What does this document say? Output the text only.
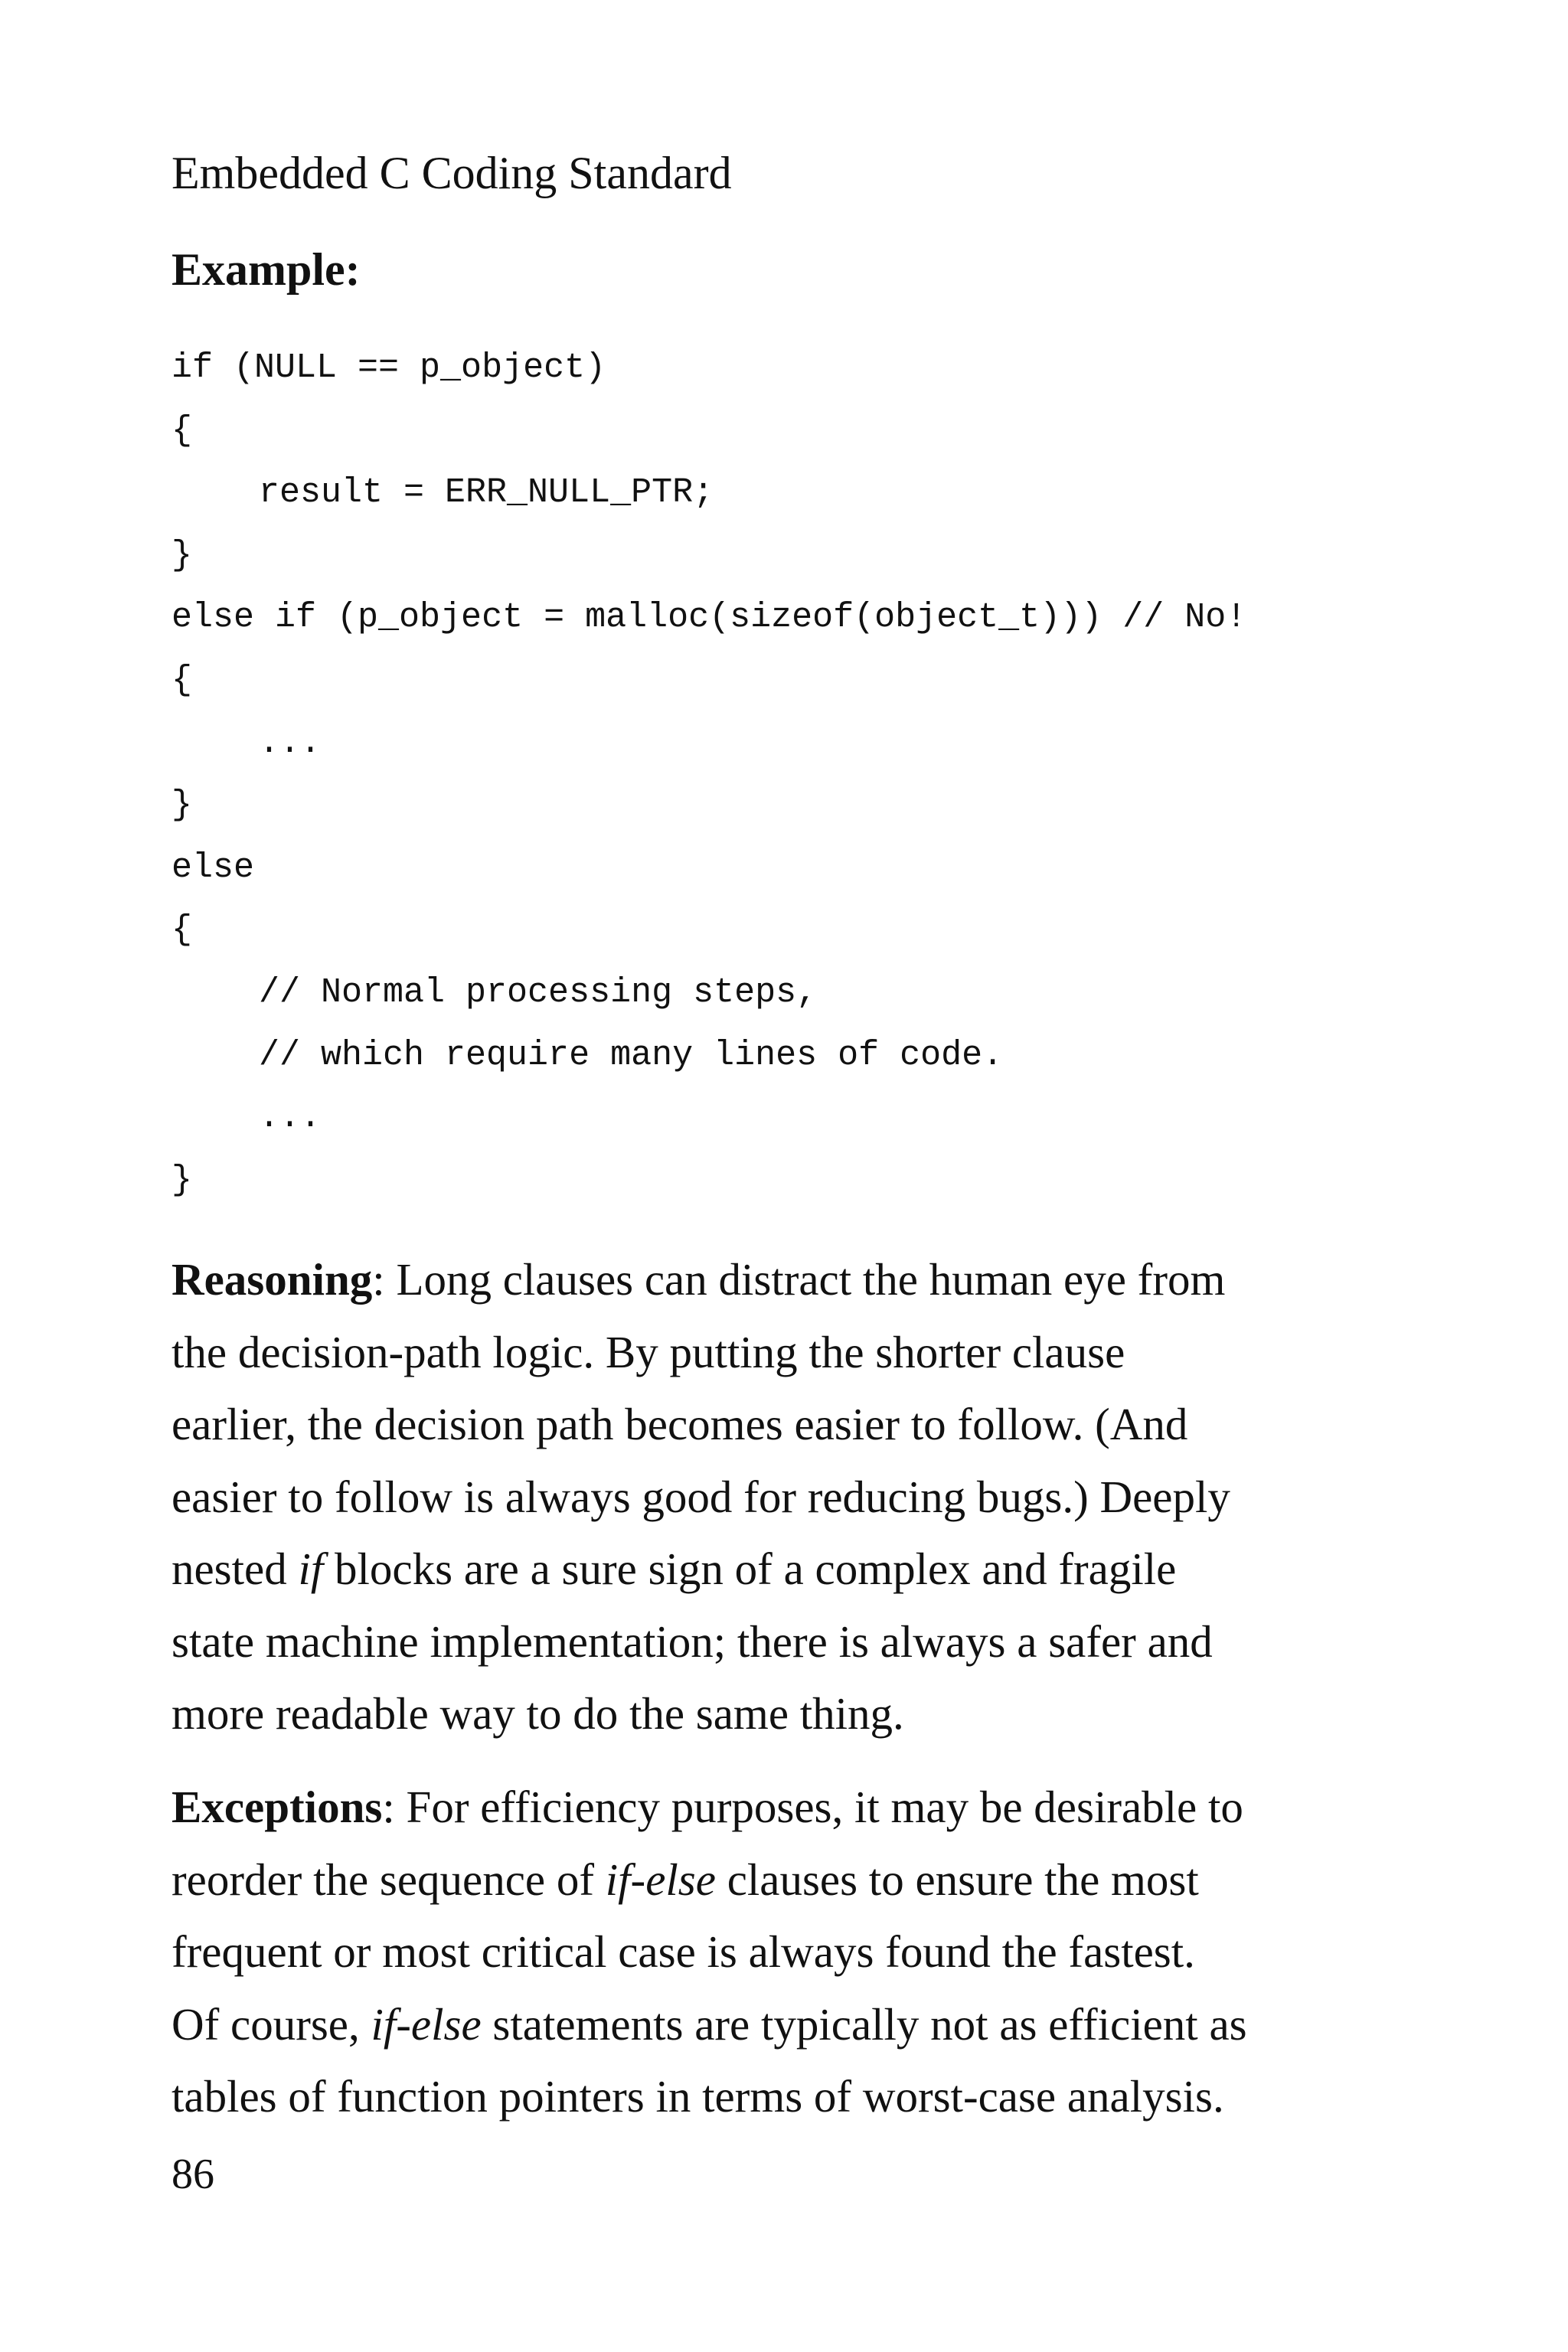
Embedded C Coding Standard
Example:
if (NULL == p_object)
{
result = ERR_NULL_PTR;
}
else if (p_object = malloc(sizeof(object_t))) // No!
{
...
}
else
{
// Normal processing steps,
// which require many lines of code.
...
}
Reasoning: Long clauses can distract the human eye from
the decision-path logic. By putting the shorter clause
earlier, the decision path becomes easier to follow. (And
easier to follow is always good for reducing bugs.) Deeply
nested if blocks are a sure sign of a complex and fragile
state machine implementation; there is always a safer and
more readable way to do the same thing.
Exceptions: For efficiency purposes, it may be desirable to
reorder the sequence of if-else clauses to ensure the most
frequent or most critical case is always found the fastest.
Of course, if-else statements are typically not as efficient as
tables of function pointers in terms of worst-case analysis.
86
